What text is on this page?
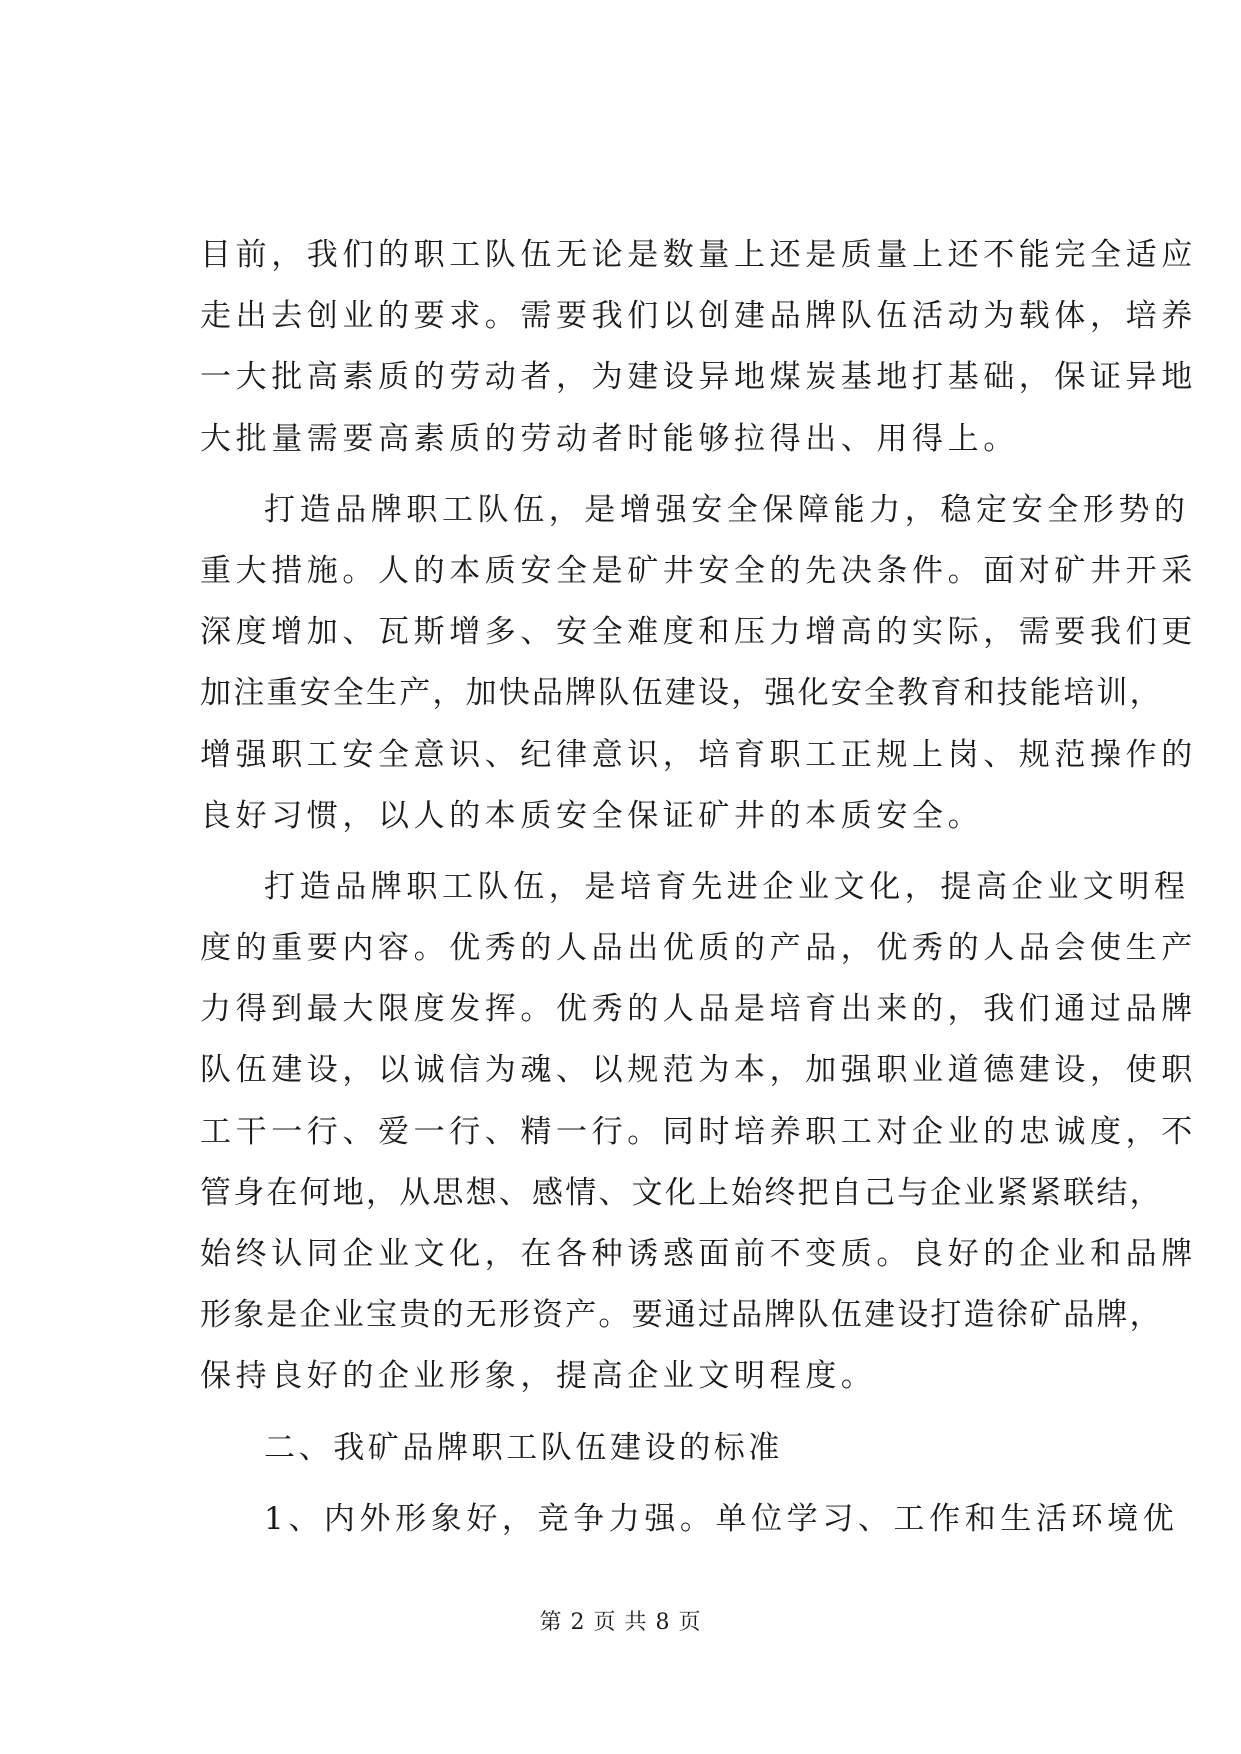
目前，我们的职工队伍无论是数量上还是质量上还不能完全适应
走出去创业的要求。需要我们以创建品牌队伍活动为载体，培养
一大批高素质的劳动者，为建设异地煤炭基地打基础，保证异地
大批量需要高素质的劳动者时能够拉得出、用得上。
打造品牌职工队伍，是增强安全保障能力，稳定安全形势的
重大措施。人的本质安全是矿井安全的先决条件。面对矿井开采
深度增加、瓦斯增多、安全难度和压力增高的实际，需要我们更
加注重安全生产，加快品牌队伍建设，强化安全教育和技能培训，
增强职工安全意识、纪律意识，培育职工正规上岗、规范操作的
良好习惯，以人的本质安全保证矿井的本质安全。
打造品牌职工队伍，是培育先进企业文化，提高企业文明程
度的重要内容。优秀的人品出优质的产品，优秀的人品会使生产
力得到最大限度发挥。优秀的人品是培育出来的，我们通过品牌
队伍建设，以诚信为魂、以规范为本，加强职业道德建设，使职
工干一行、爱一行、精一行。同时培养职工对企业的忠诚度，不
管身在何地，从思想、感情、文化上始终把自己与企业紧紧联结，
始终认同企业文化，在各种诱惑面前不变质。良好的企业和品牌
形象是企业宝贵的无形资产。要通过品牌队伍建设打造徐矿品牌，
保持良好的企业形象，提高企业文明程度。
二、我矿品牌职工队伍建设的标准
1、内外形象好，竞争力强。单位学习、工作和生活环境优
第 2 页 共 8 页
